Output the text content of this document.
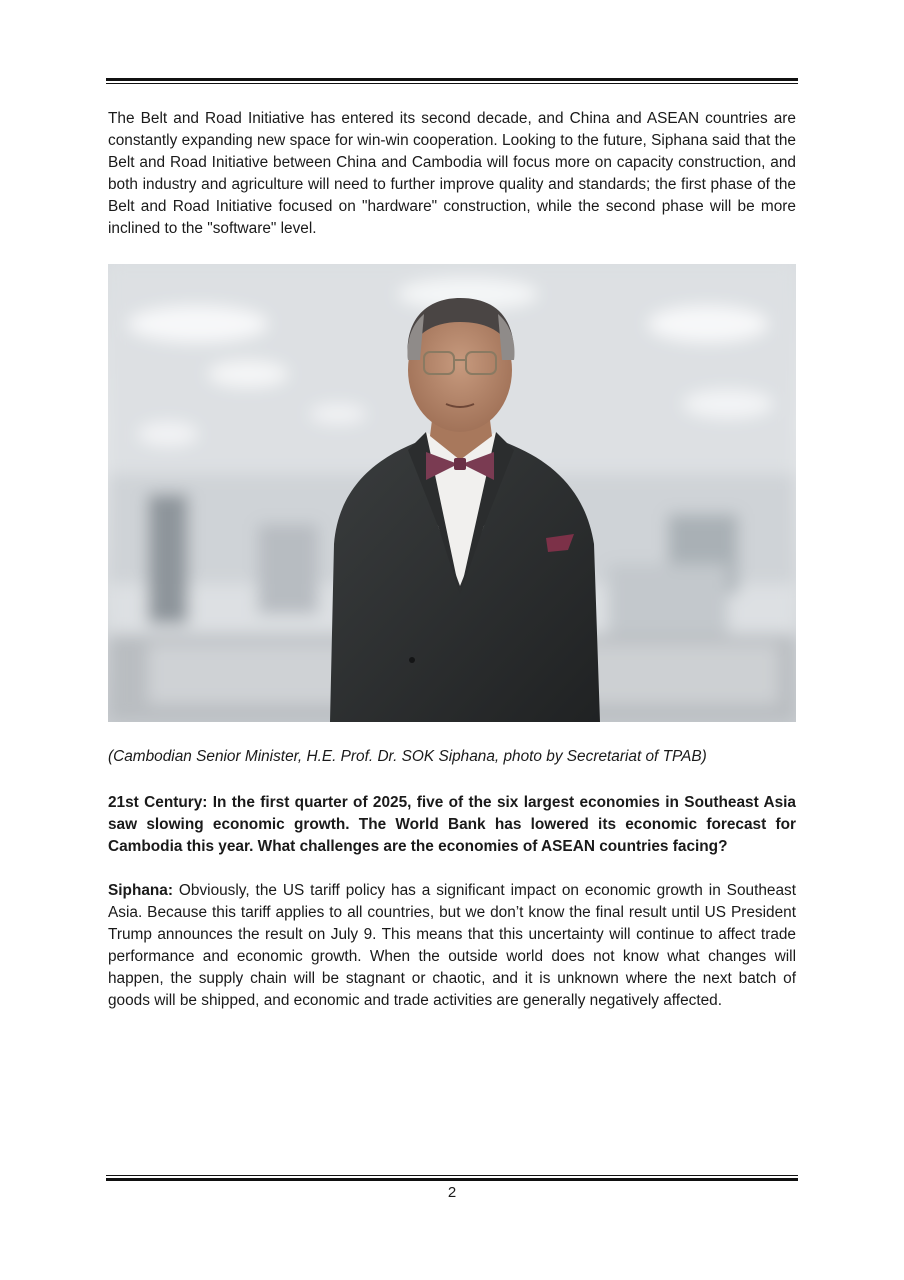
The Belt and Road Initiative has entered its second decade, and China and ASEAN countries are constantly expanding new space for win-win cooperation. Looking to the future, Siphana said that the Belt and Road Initiative between China and Cambodia will focus more on capacity construction, and both industry and agriculture will need to further improve quality and standards; the first phase of the Belt and Road Initiative focused on "hardware" construction, while the second phase will be more inclined to the "software" level.

(Cambodian Senior Minister, H.E. Prof. Dr. SOK Siphana, photo by Secretariat of TPAB)

21st Century: In the first quarter of 2025, five of the six largest economies in Southeast Asia saw slowing economic growth. The World Bank has lowered its economic forecast for Cambodia this year. What challenges are the economies of ASEAN countries facing?

Siphana: Obviously, the US tariff policy has a significant impact on economic growth in Southeast Asia. Because this tariff applies to all countries, but we don’t know the final result until US President Trump announces the result on July 9. This means that this uncertainty will continue to affect trade performance and economic growth. When the outside world does not know what changes will happen, the supply chain will be stagnant or chaotic, and it is unknown where the next batch of goods will be shipped, and economic and trade activities are generally negatively affected.

2
